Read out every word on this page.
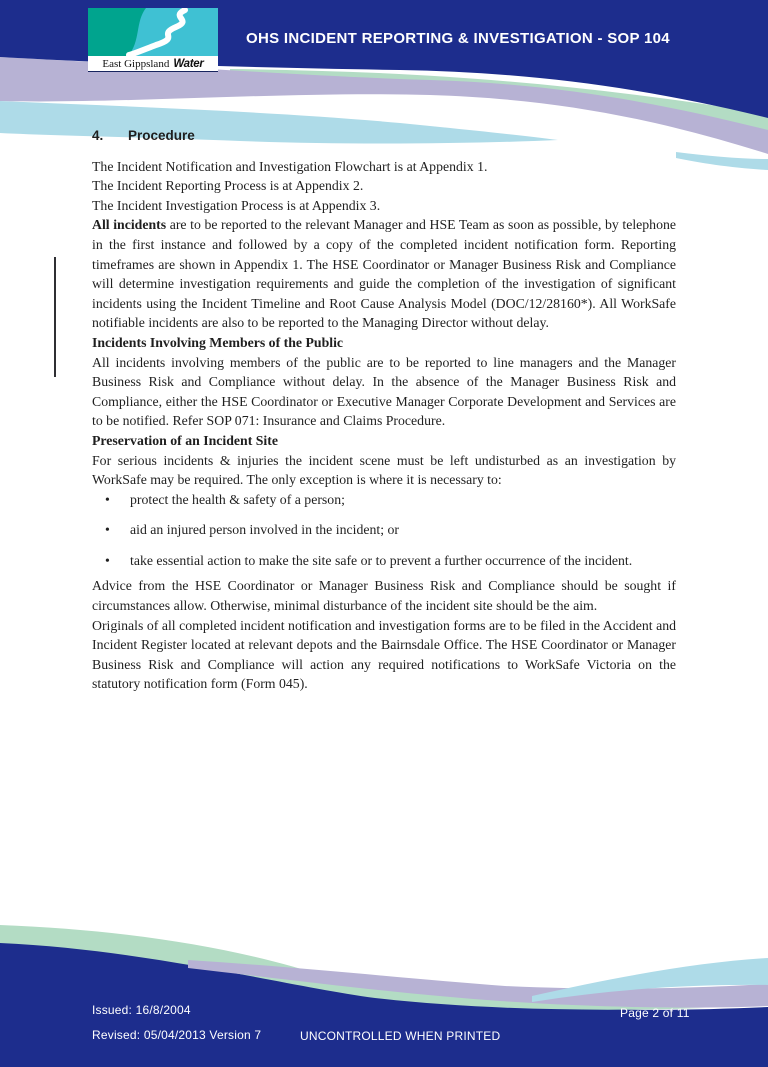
East Gippsland Water
OHS INCIDENT REPORTING & INVESTIGATION - SOP 104
4.	Procedure

The Incident Notification and Investigation Flowchart is at Appendix 1.

The Incident Reporting Process is at Appendix 2.

The Incident Investigation Process is at Appendix 3.

All incidents are to be reported to the relevant Manager and HSE Team as soon as possible, by telephone in the first instance and followed by a copy of the completed incident notification form. Reporting timeframes are shown in Appendix 1. The HSE Coordinator or Manager Business Risk and Compliance will determine investigation requirements and guide the completion of the investigation of significant incidents using the Incident Timeline and Root Cause Analysis Model (DOC/12/28160*). All WorkSafe notifiable incidents are also to be reported to the Managing Director without delay.

Incidents Involving Members of the Public

All incidents involving members of the public are to be reported to line managers and the Manager Business Risk and Compliance without delay. In the absence of the Manager Business Risk and Compliance, either the HSE Coordinator or Executive Manager Corporate Development and Services are to be notified. Refer SOP 071: Insurance and Claims Procedure.

Preservation of an Incident Site

For serious incidents & injuries the incident scene must be left undisturbed as an investigation by WorkSafe may be required. The only exception is where it is necessary to:

• protect the health & safety of a person;
• aid an injured person involved in the incident; or
• take essential action to make the site safe or to prevent a further occurrence of the incident.

Advice from the HSE Coordinator or Manager Business Risk and Compliance should be sought if circumstances allow. Otherwise, minimal disturbance of the incident site should be the aim.

Originals of all completed incident notification and investigation forms are to be filed in the Accident and Incident Register located at relevant depots and the Bairnsdale Office. The HSE Coordinator or Manager Business Risk and Compliance will action any required notifications to WorkSafe Victoria on the statutory notification form (Form 045).

Issued: 16/8/2004	Page 2 of 11
Revised: 05/04/2013 Version 7	UNCONTROLLED WHEN PRINTED
